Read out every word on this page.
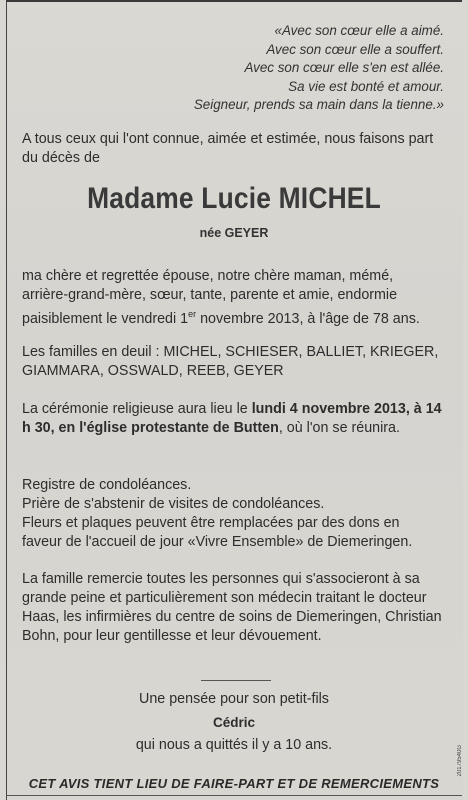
«Avec son cœur elle a aimé.
Avec son cœur elle a souffert.
Avec son cœur elle s'en est allée.
Sa vie est bonté et amour.
Seigneur, prends sa main dans la tienne.»
A tous ceux qui l'ont connue, aimée et estimée, nous faisons part du décès de
Madame Lucie MICHEL
née GEYER
ma chère et regrettée épouse, notre chère maman, mémé, arrière-grand-mère, sœur, tante, parente et amie, endormie paisiblement le vendredi 1er novembre 2013, à l'âge de 78 ans.
Les familles en deuil : MICHEL, SCHIESER, BALLIET, KRIEGER, GIAMMARA, OSSWALD, REEB, GEYER
La cérémonie religieuse aura lieu le lundi 4 novembre 2013, à 14 h 30, en l'église protestante de Butten, où l'on se réunira.
Registre de condoléances.
Prière de s'abstenir de visites de condoléances.
Fleurs et plaques peuvent être remplacées par des dons en faveur de l'accueil de jour «Vivre Ensemble» de Diemeringen.
La famille remercie toutes les personnes qui s'associeront à sa grande peine et particulièrement son médecin traitant le docteur Haas, les infirmières du centre de soins de Diemeringen, Christian Bohn, pour leur gentillesse et leur dévouement.
Une pensée pour son petit-fils
Cédric
qui nous a quittés il y a 10 ans.
CET AVIS TIENT LIEU DE FAIRE-PART ET DE REMERCIEMENTS
20179540G
